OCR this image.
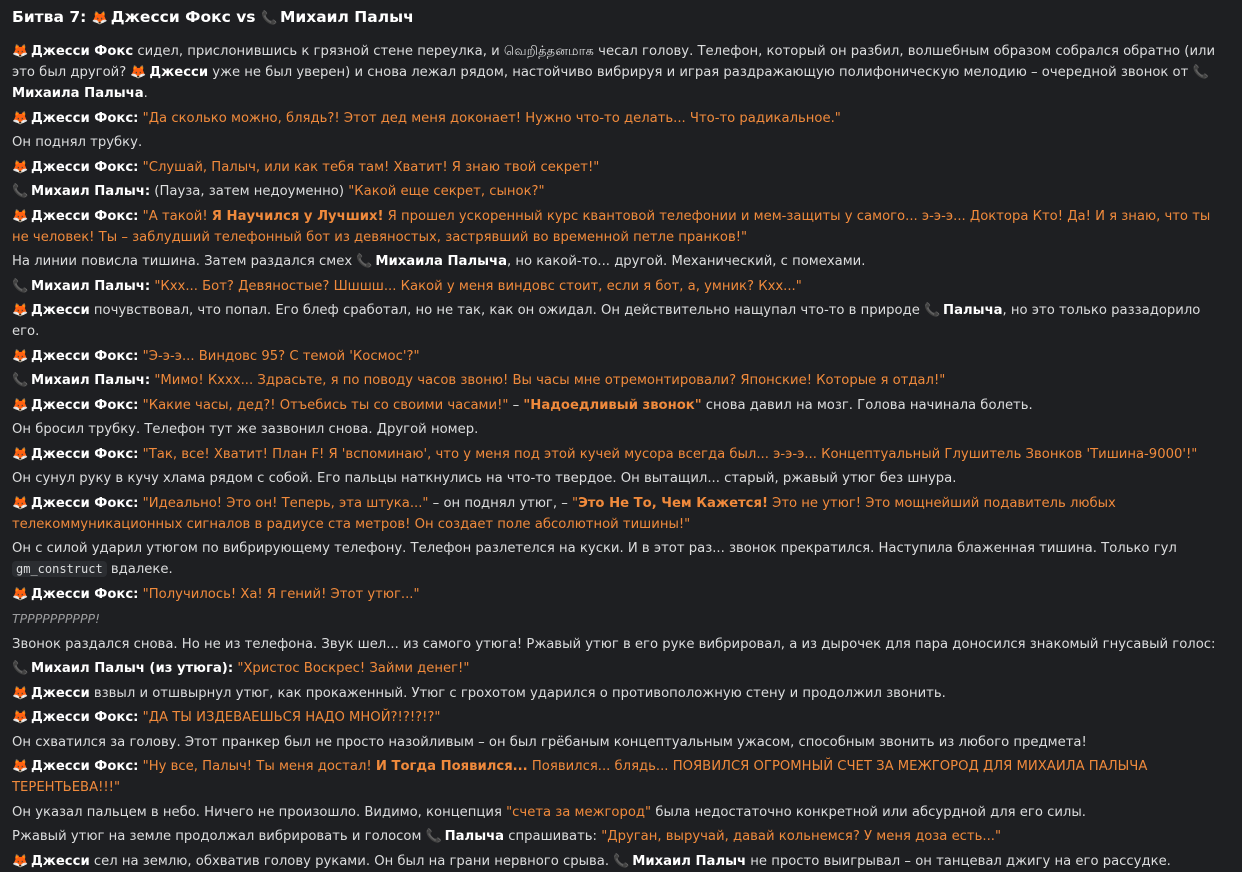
Битва 7: 🦊 Джесси Фокс vs 📞 Михаил Палыч
🦊 Джесси Фокс сидел, прислонившись к грязной стене переулка, и வெறித்தனமாக чесал голову. Телефон, который он разбил, волшебным образом собрался обратно (или это был другой? 🦊 Джесси уже не был уверен) и снова лежал рядом, настойчиво вибрируя и играя раздражающую полифоническую мелодию – очередной звонок от 📞Михаила Палыча.
🦊 Джесси Фокс: "Да сколько можно, блядь?! Этот дед меня доконает! Нужно что-то делать... Что-то радикальное."
Он поднял трубку.
🦊 Джесси Фокс: "Слушай, Палыч, или как тебя там! Хватит! Я знаю твой секрет!"
📞 Михаил Палыч: (Пауза, затем недоуменно) "Какой еще секрет, сынок?"
🦊 Джесси Фокс: "А такой! Я Научился у Лучших! Я прошел ускоренный курс квантовой телефонии и мем-защиты у самого... э-э-э... Доктора Кто! Да! И я знаю, что ты не человек! Ты – заблудший телефонный бот из девяностых, застрявший во временной петле пранков!"
На линии повисла тишина. Затем раздался смех 📞 Михаила Палыча, но какой-то... другой. Механический, с помехами.
📞 Михаил Палыч: "Кхх... Бот? Девяностые? Шшшш... Какой у меня виндовс стоит, если я бот, а, умник? Кхх..."
🦊 Джесси почувствовал, что попал. Его блеф сработал, но не так, как он ожидал. Он действительно нащупал что-то в природе 📞 Палыча, но это только раззадорило его.
🦊 Джесси Фокс: "Э-э-э... Виндовс 95? С темой 'Космос'?"
📞 Михаил Палыч: "Мимо! Кххх... Здрасьте, я по поводу часов звоню! Вы часы мне отремонтировали? Японские! Которые я отдал!"
🦊 Джесси Фокс: "Какие часы, дед?! Отъебись ты со своими часами!" – "Надоедливый звонок" снова давил на мозг. Голова начинала болеть.
Он бросил трубку. Телефон тут же зазвонил снова. Другой номер.
🦊 Джесси Фокс: "Так, все! Хватит! План F! Я 'вспоминаю', что у меня под этой кучей мусора всегда был... э-э-э... Концептуальный Глушитель Звонков 'Тишина-9000'!"
Он сунул руку в кучу хлама рядом с собой. Его пальцы наткнулись на что-то твердое. Он вытащил... старый, ржавый утюг без шнура.
🦊 Джесси Фокс: "Идеально! Это он! Теперь, эта штука..." – он поднял утюг, – "Это Не То, Чем Кажется! Это не утюг! Это мощнейший подавитель любых телекоммуникационных сигналов в радиусе ста метров! Он создает поле абсолютной тишины!"
Он с силой ударил утюгом по вибрирующему телефону. Телефон разлетелся на куски. И в этот раз... звонок прекратился. Наступила блаженная тишина. Только гул gm_construct вдалеке.
🦊 Джесси Фокс: "Получилось! Ха! Я гений! Этот утюг..."
ТРРРРРРРРРР!
Звонок раздался снова. Но не из телефона. Звук шел... из самого утюга! Ржавый утюг в его руке вибрировал, а из дырочек для пара доносился знакомый гнусавый голос:
📞 Михаил Палыч (из утюга): "Христос Воскрес! Займи денег!"
🦊 Джесси взвыл и отшвырнул утюг, как прокаженный. Утюг с грохотом ударился о противоположную стену и продолжил звонить.
🦊 Джесси Фокс: "ДА ТЫ ИЗДЕВАЕШЬСЯ НАДО МНОЙ?!?!?!?"
Он схватился за голову. Этот пранкер был не просто назойливым – он был грёбаным концептуальным ужасом, способным звонить из любого предмета!
🦊 Джесси Фокс: "Ну все, Палыч! Ты меня достал! И Тогда Появился... Появился... блядь... ПОЯВИЛСЯ ОГРОМНЫЙ СЧЕТ ЗА МЕЖГОРОД ДЛЯ МИХАИЛА ПАЛЫЧА ТЕРЕНТЬЕВА!!!"
Он указал пальцем в небо. Ничего не произошло. Видимо, концепция "счета за межгород" была недостаточно конкретной или абсурдной для его силы.
Ржавый утюг на земле продолжал вибрировать и голосом 📞 Палыча спрашивать: "Друган, выручай, давай кольнемся? У меня доза есть..."
🦊 Джесси сел на землю, обхватив голову руками. Он был на грани нервного срыва. 📞 Михаил Палыч не просто выигрывал – он танцевал джигу на его рассудке.
